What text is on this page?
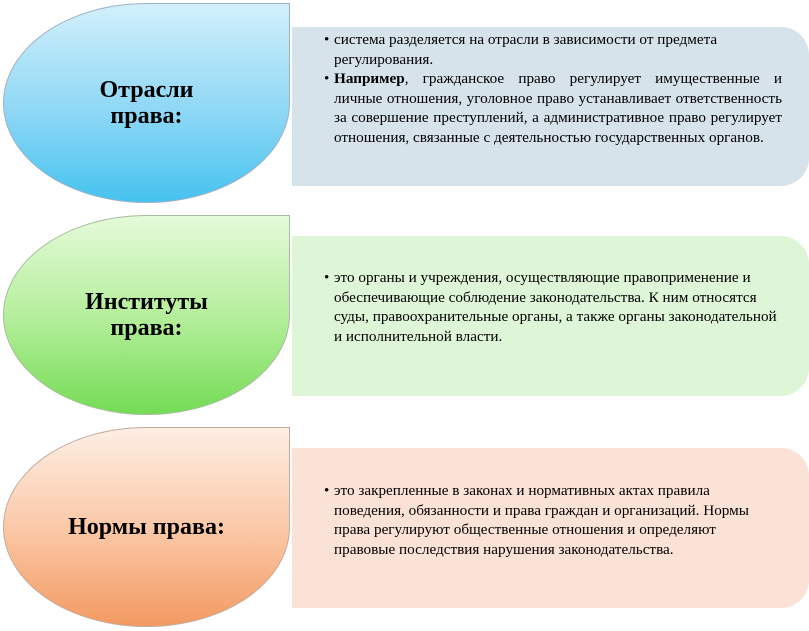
Отрасли
права:
• система разделяется на отрасли в зависимости от предмета регулирования.
• Например, гражданское право регулирует имущественные и личные отношения, уголовное право устанавливает ответственность за совершение преступлений, а административное право регулирует отношения, связанные с деятельностью государственных органов.
Институты
права:
• это органы и учреждения, осуществляющие правоприменение и обеспечивающие соблюдение законодательства. К ним относятся суды, правоохранительные органы, а также органы законодательной и исполнительной власти.
Нормы права:
• это закрепленные в законах и нормативных актах правила поведения, обязанности и права граждан и организаций. Нормы права регулируют общественные отношения и определяют правовые последствия нарушения законодательства.
